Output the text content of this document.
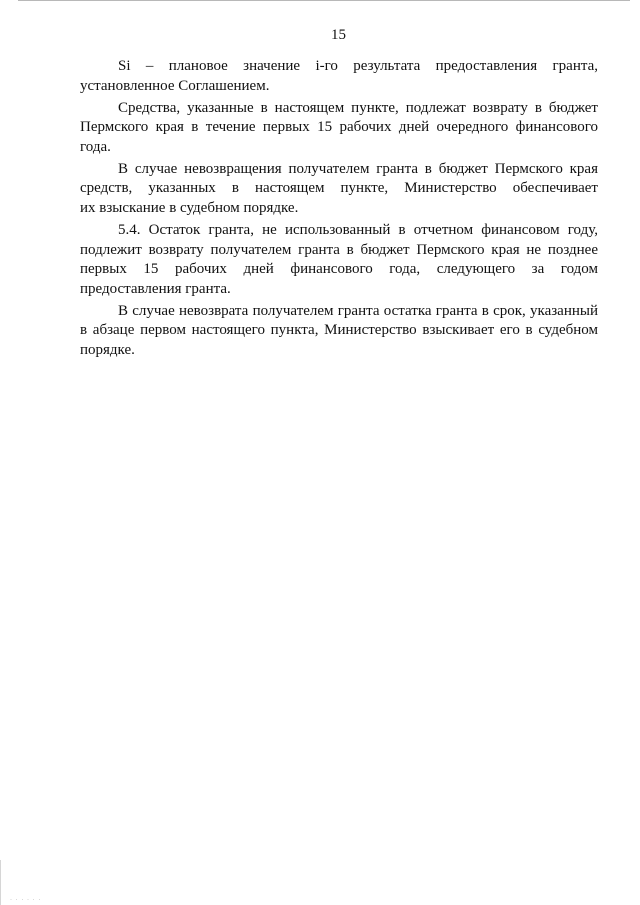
· · · · · ·
15
Si – плановое значение i-го результата предоставления гранта,
установленное Соглашением.
Средства, указанные в настоящем пункте, подлежат возврату в бюджет
Пермского края в течение первых 15 рабочих дней очередного финансового
года.
В случае невозвращения получателем гранта в бюджет Пермского края
средств, указанных в настоящем пункте, Министерство обеспечивает
их взыскание в судебном порядке.
5.4. Остаток гранта, не использованный в отчетном финансовом году,
подлежит возврату получателем гранта в бюджет Пермского края не позднее
первых 15 рабочих дней финансового года, следующего за годом
предоставления гранта.
В случае невозврата получателем гранта остатка гранта в срок, указанный
в абзаце первом настоящего пункта, Министерство взыскивает его в судебном
порядке.
